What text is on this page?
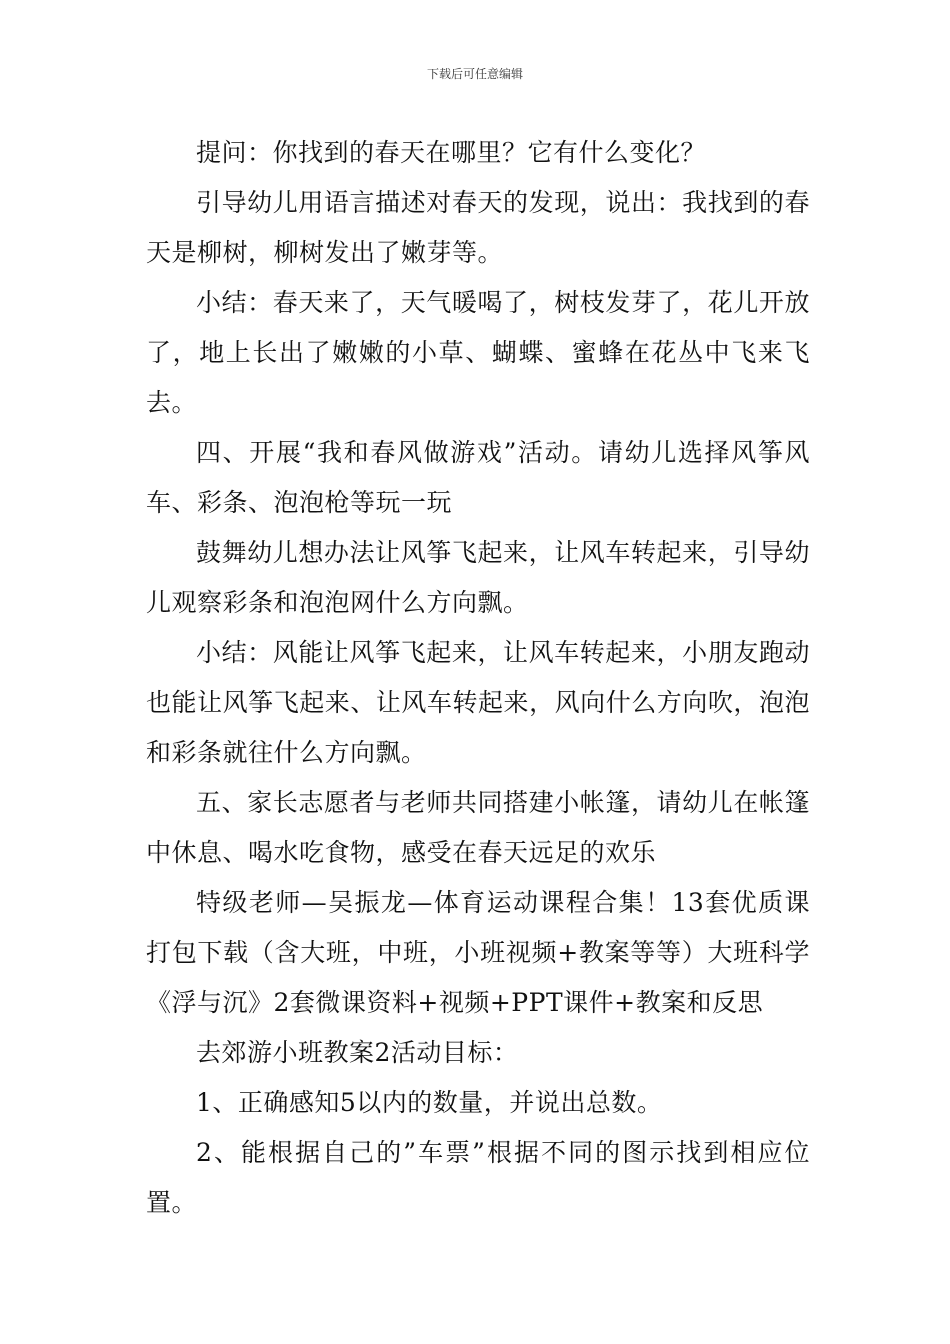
下载后可任意编辑

提问：你找到的春天在哪里？它有什么变化？

引导幼儿用语言描述对春天的发现，说出：我找到的春天是柳树，柳树发出了嫩芽等。

小结：春天来了，天气暖喝了，树枝发芽了，花儿开放了，地上长出了嫩嫩的小草、蝴蝶、蜜蜂在花丛中飞来飞去。

四、开展“我和春风做游戏”活动。请幼儿选择风筝风车、彩条、泡泡枪等玩一玩

鼓舞幼儿想办法让风筝飞起来，让风车转起来，引导幼儿观察彩条和泡泡网什么方向飘。

小结：风能让风筝飞起来，让风车转起来，小朋友跑动也能让风筝飞起来、让风车转起来，风向什么方向吹，泡泡和彩条就往什么方向飘。

五、家长志愿者与老师共同搭建小帐篷，请幼儿在帐篷中休息、喝水吃食物，感受在春天远足的欢乐

特级老师—吴振龙—体育运动课程合集！13套优质课打包下载（含大班，中班，小班视频+教案等等）大班科学《浮与沉》2套微课资料+视频+PPT课件+教案和反思

去郊游小班教案2活动目标：

1、正确感知5以内的数量，并说出总数。

2、能根据自己的”车票”根据不同的图示找到相应位置。
